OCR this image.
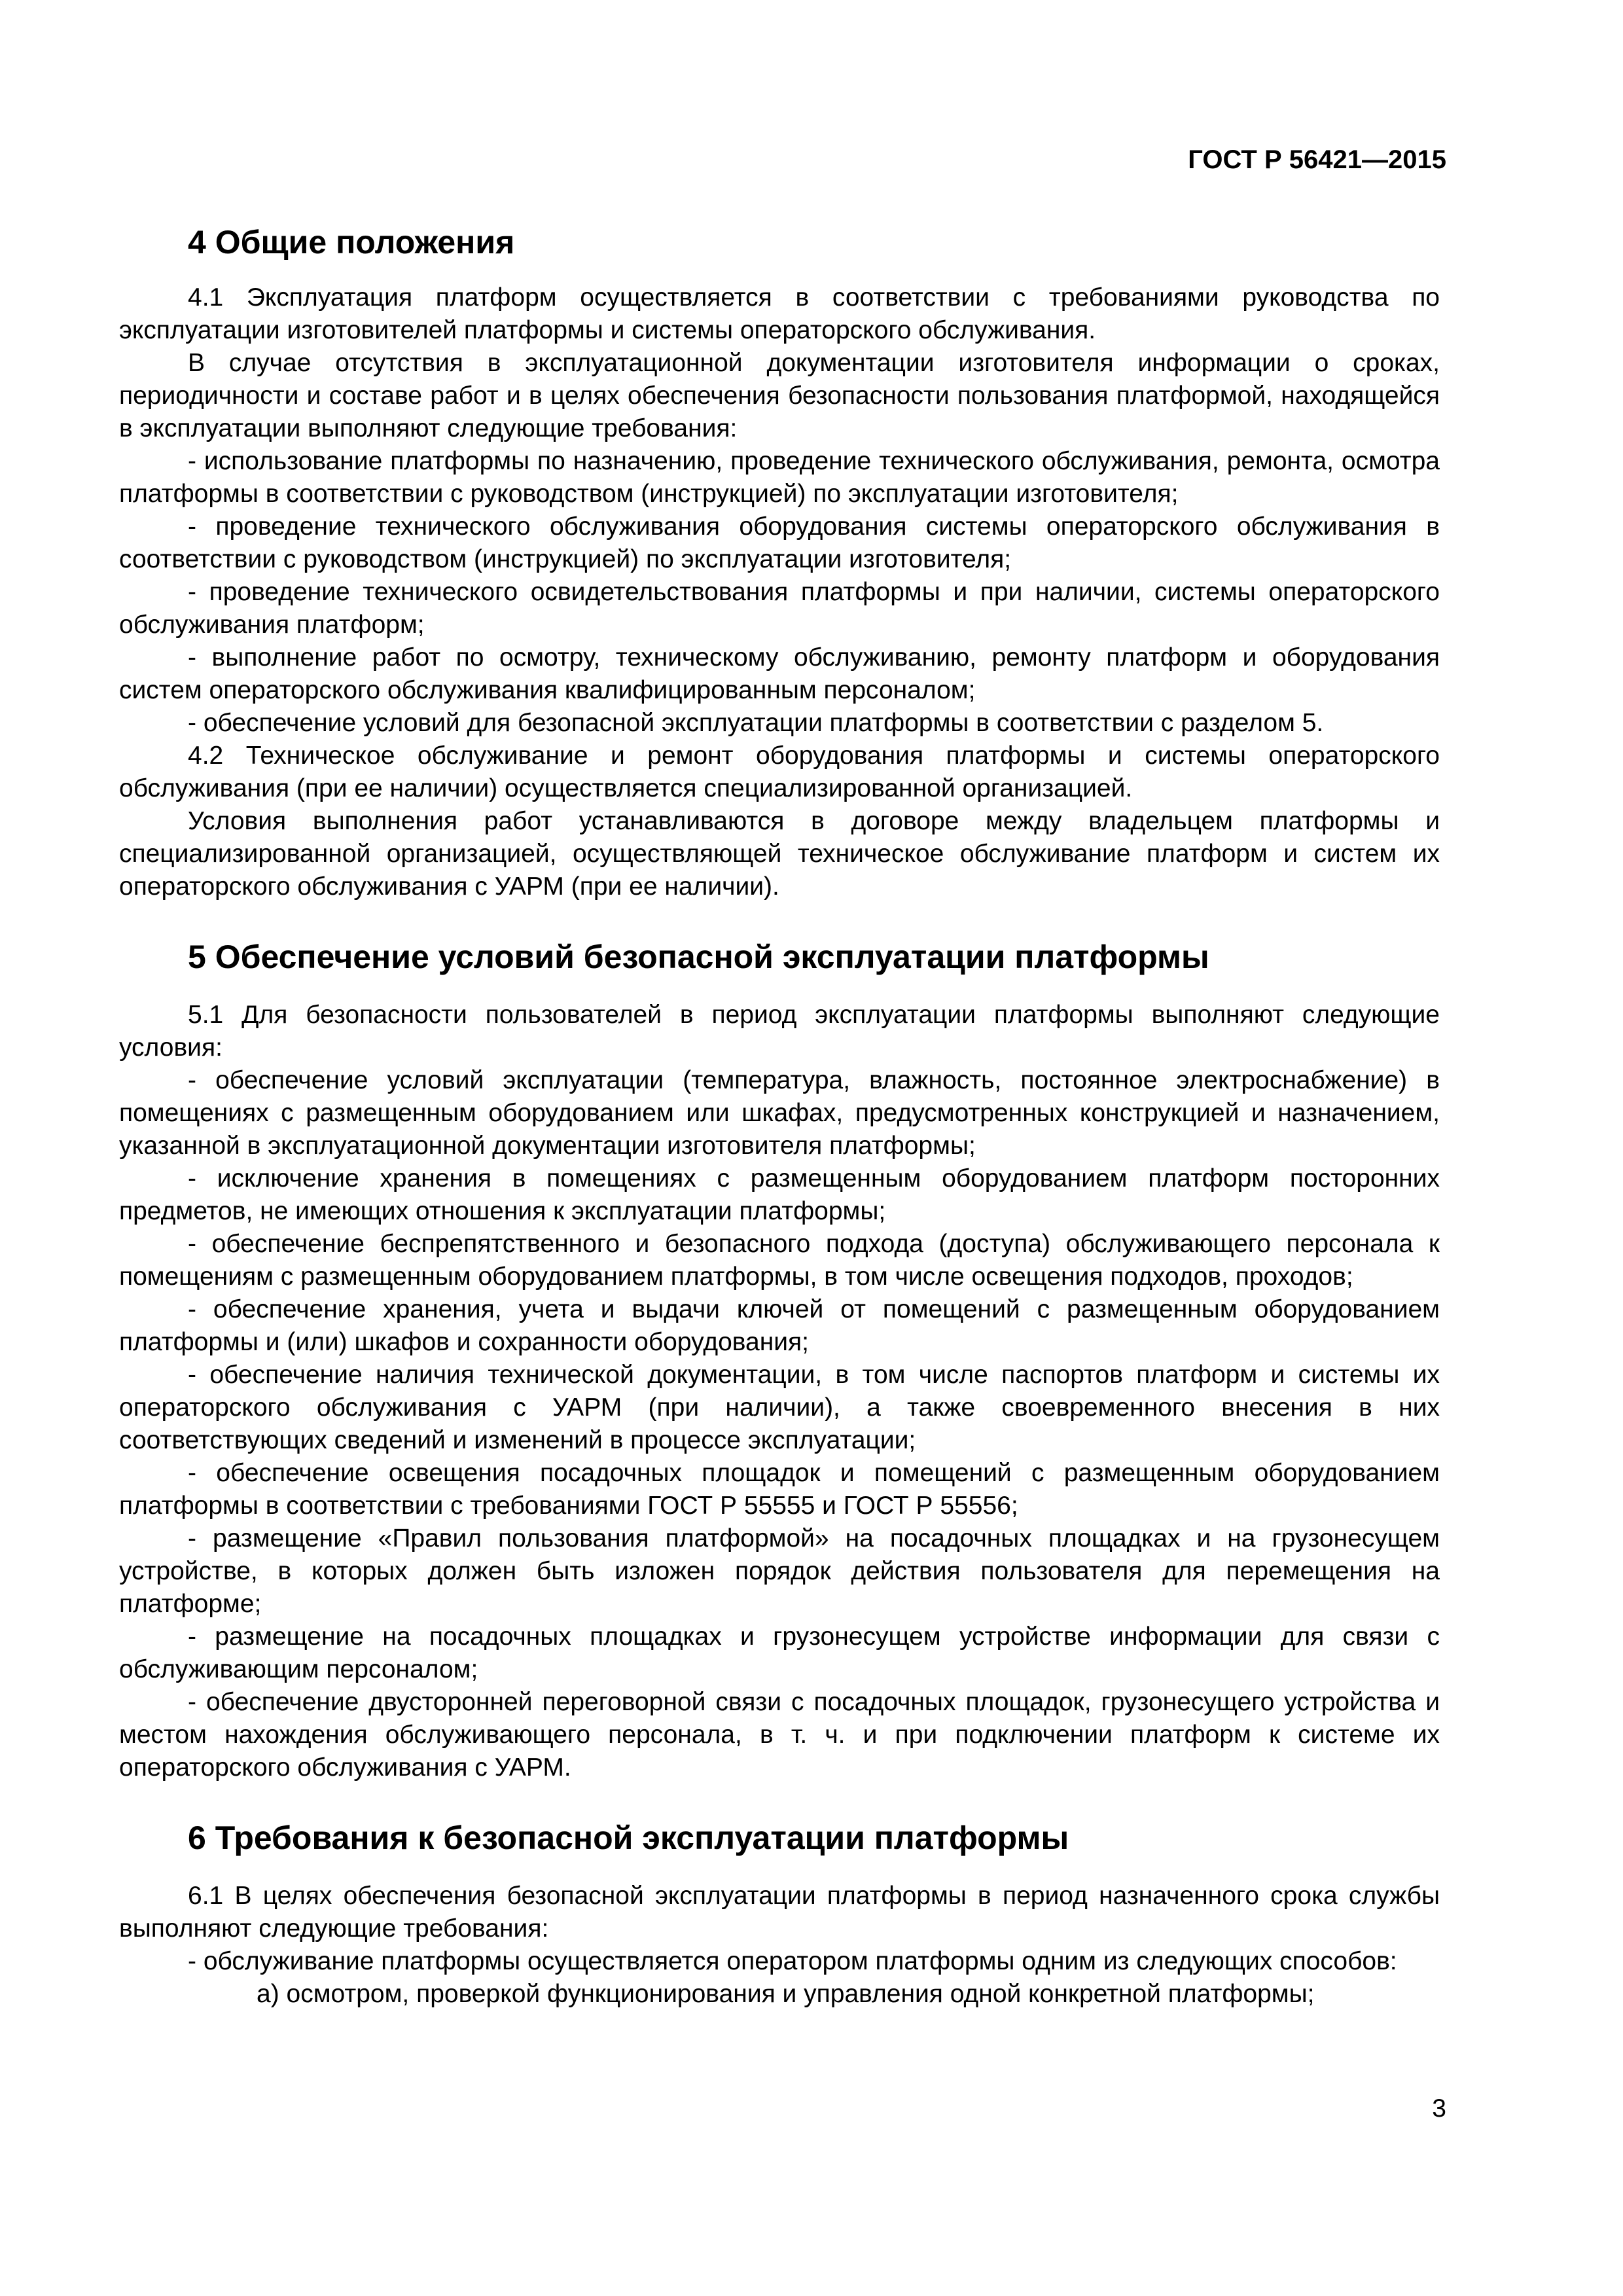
ГОСТ Р 56421—2015

4 Общие положения

4.1 Эксплуатация платформ осуществляется в соответствии с требованиями руководства по эксплуатации изготовителей платформы и системы операторского обслуживания.

В случае отсутствия в эксплуатационной документации изготовителя информации о сроках, периодичности и составе работ и в целях обеспечения безопасности пользования платформой, находящейся в эксплуатации выполняют следующие требования:

- использование платформы по назначению, проведение технического обслуживания, ремонта, осмотра платформы в соответствии с руководством (инструкцией) по эксплуатации изготовителя;

- проведение технического обслуживания оборудования системы операторского обслуживания в соответствии с руководством (инструкцией) по эксплуатации изготовителя;

- проведение технического освидетельствования платформы и при наличии, системы операторского обслуживания платформ;

- выполнение работ по осмотру, техническому обслуживанию, ремонту платформ и оборудования систем операторского обслуживания квалифицированным персоналом;

- обеспечение условий для безопасной эксплуатации платформы в соответствии с разделом 5.

4.2 Техническое обслуживание и ремонт оборудования платформы и системы операторского обслуживания (при ее наличии) осуществляется специализированной организацией.

Условия выполнения работ устанавливаются в договоре между владельцем платформы и специализированной организацией, осуществляющей техническое обслуживание платформ и систем их операторского обслуживания с УАРМ (при ее наличии).

5 Обеспечение условий безопасной эксплуатации платформы

5.1 Для безопасности пользователей в период эксплуатации платформы выполняют следующие условия:

- обеспечение условий эксплуатации (температура, влажность, постоянное электроснабжение) в помещениях с размещенным оборудованием или шкафах, предусмотренных конструкцией и назначением, указанной в эксплуатационной документации изготовителя платформы;

- исключение хранения в помещениях с размещенным оборудованием платформ посторонних предметов, не имеющих отношения к эксплуатации платформы;

- обеспечение беспрепятственного и безопасного подхода (доступа) обслуживающего персонала к помещениям с размещенным оборудованием платформы, в том числе освещения подходов, проходов;

- обеспечение хранения, учета и выдачи ключей от помещений с размещенным оборудованием платформы и (или) шкафов и сохранности оборудования;

- обеспечение наличия технической документации, в том числе паспортов платформ и системы их операторского обслуживания с УАРМ (при наличии), а также своевременного внесения в них соответствующих сведений и изменений в процессе эксплуатации;

- обеспечение освещения посадочных площадок и помещений с размещенным оборудованием платформы в соответствии с требованиями ГОСТ Р 55555 и ГОСТ Р 55556;

- размещение «Правил пользования платформой» на посадочных площадках и на грузонесущем устройстве, в которых должен быть изложен порядок действия пользователя для перемещения на платформе;

- размещение на посадочных площадках и грузонесущем устройстве информации для связи с обслуживающим персоналом;

- обеспечение двусторонней переговорной связи с посадочных площадок, грузонесущего устройства и местом нахождения обслуживающего персонала, в т. ч. и при подключении платформ к системе их операторского обслуживания с УАРМ.

6 Требования к безопасной эксплуатации платформы

6.1 В целях обеспечения безопасной эксплуатации платформы в период назначенного срока службы выполняют следующие требования:

- обслуживание платформы осуществляется оператором платформы одним из следующих способов:

а) осмотром, проверкой функционирования и управления одной конкретной платформы;

3
